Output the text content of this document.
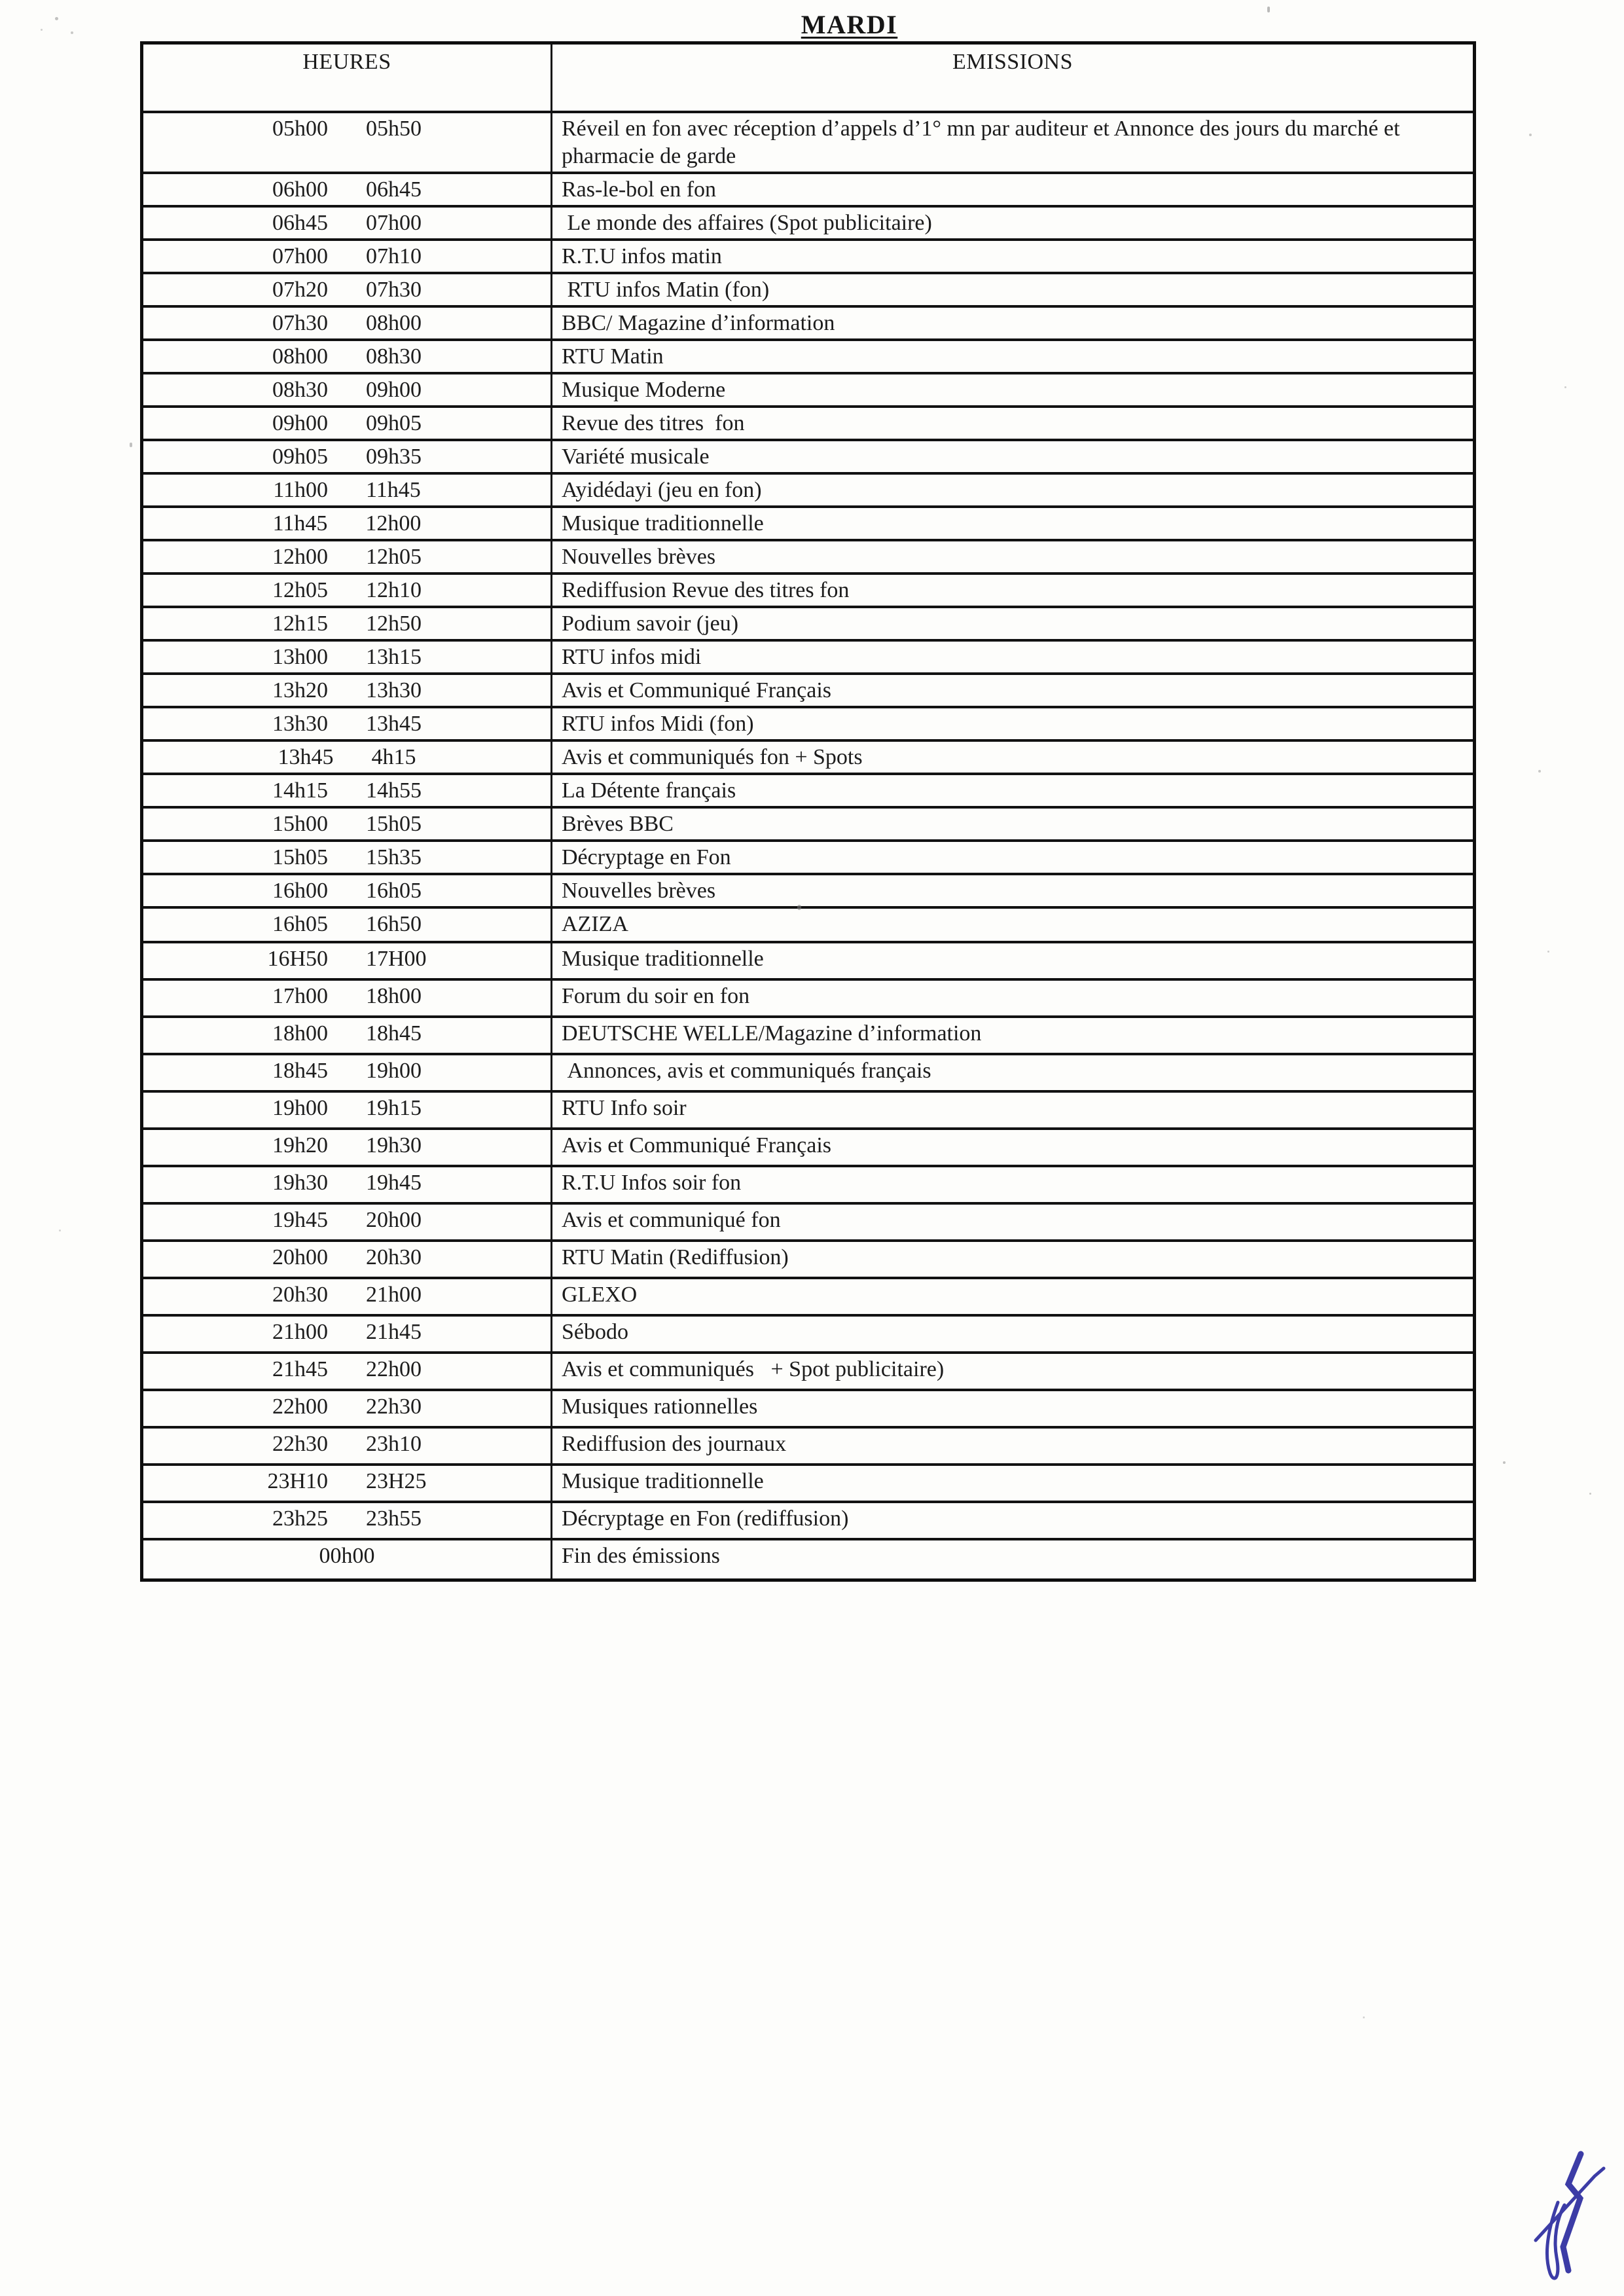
MARDI
HEURES	EMISSIONS

05h00 05h50	Réveil en fon avec réception d’appels d’1° mn par auditeur et Annonce des jours du marché et pharmacie de garde

06h00 06h45	Ras-le-bol en fon

06h45 07h00	Le monde des affaires (Spot publicitaire)

07h00 07h10	R.T.U infos matin

07h20 07h30	RTU infos Matin (fon)

07h30 08h00	BBC/ Magazine d’information

08h00 08h30	RTU Matin

08h30 09h00	Musique Moderne

09h00 09h05	Revue des titres  fon

09h05 09h35	Variété musicale

11h00 11h45	Ayidédayi (jeu en fon)

11h45 12h00	Musique traditionnelle

12h00 12h05	Nouvelles brèves

12h05 12h10	Rediffusion Revue des titres fon

12h15 12h50	Podium savoir (jeu)

13h00 13h15	RTU infos midi

13h20 13h30	Avis et Communiqué Français

13h30 13h45	RTU infos Midi (fon)

13h45 4h15	Avis et communiqués fon + Spots

14h15 14h55	La Détente français

15h00 15h05	Brèves BBC

15h05 15h35	Décryptage en Fon

16h00 16h05	Nouvelles brèves

16h05 16h50	AZIZA

16H50 17H00	Musique traditionnelle

17h00 18h00	Forum du soir en fon

18h00 18h45	DEUTSCHE WELLE/Magazine d’information

18h45 19h00	Annonces, avis et communiqués français

19h00 19h15	RTU Info soir

19h20 19h30	Avis et Communiqué Français

19h30 19h45	R.T.U Infos soir fon

19h45 20h00	Avis et communiqué fon

20h00 20h30	RTU Matin (Rediffusion)

20h30 21h00	GLEXO

21h00 21h45	Sébodo

21h45 22h00	Avis et communiqués   + Spot publicitaire)

22h00 22h30	Musiques rationnelles

22h30 23h10	Rediffusion des journaux

23H10 23H25	Musique traditionnelle

23h25 23h55	Décryptage en Fon (rediffusion)

00h00	Fin des émissions
